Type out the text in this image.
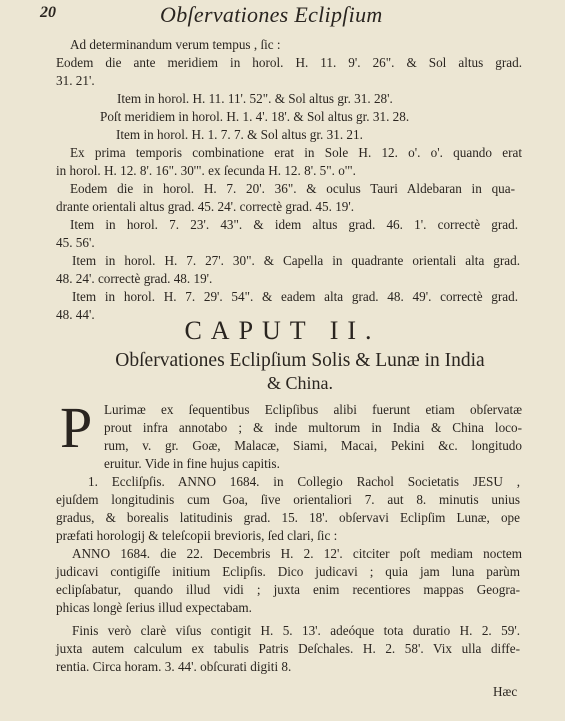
20	Obſervationes Eclipſium
Ad determinandum verum tempus , ſic :
Eodem die ante meridiem in horol. H. 11. 9'. 26". & Sol altus grad.
31. 21'.
Item in horol. H. 11. 11'. 52". & Sol altus gr. 31. 28'.
Poſt meridiem in horol. H. 1. 4'. 18'. & Sol altus gr. 31. 28.
Item in horol. H. 1. 7. 7. & Sol altus gr. 31. 21.
Ex prima temporis combinatione erat in Sole H. 12. o'. o'. quando erat
in horol. H. 12. 8'. 16". 30'". ex ſecunda H. 12. 8'. 5". o'".
Eodem die in horol. H. 7. 20'. 36". & oculus Tauri Aldebaran in qua-
drante orientali altus grad. 45. 24'. correctè grad. 45. 19'.
Item in horol. 7. 23'. 43". & idem altus grad. 46. 1'. correctè grad.
45. 56'.
Item in horol. H. 7. 27'. 30". & Capella in quadrante orientali alta grad.
48. 24'. correctè grad. 48. 19'.
Item in horol. H. 7. 29'. 54". & eadem alta grad. 48. 49'. correctè grad.
48. 44'.
CAPUT II.
Obſervationes Eclipſium Solis & Lunæ in India
& China.
P Lurimæ ex ſequentibus Eclipſibus alibi fuerunt etiam obſervatæ
prout infra annotabo ; & inde multorum in India & China loco-
rum, v. gr. Goæ, Malacæ, Siami, Macai, Pekini &c. longitudo
eruitur. Vide in fine hujus capitis.
1. Eccliſpſis. ANNO 1684. in Collegio Rachol Societatis JESU ,
ejuſdem longitudinis cum Goa, ſive orientaliori 7. aut 8. minutis unius
gradus, & borealis latitudinis grad. 15. 18'. obſervavi Eclipſim Lunæ, ope
præfati horologij & teleſcopii brevioris, ſed clari, ſic :
ANNO 1684. die 22. Decembris H. 2. 12'. citciter poſt mediam noctem
judicavi contigiſſe initium Eclipſis. Dico judicavi ; quia jam luna parùm
eclipſabatur, quando illud vidi ; juxta enim recentiores mappas Geogra-
phicas longè ſerius illud expectabam.
Finis verò clarè viſus contigit H. 5. 13'. adeóque tota duratio H. 2. 59'.
juxta autem calculum ex tabulis Patris Deſchales. H. 2. 58'. Vix ulla diffe-
rentia. Circa horam. 3. 44'. obſcurati digiti 8.
Hæc
